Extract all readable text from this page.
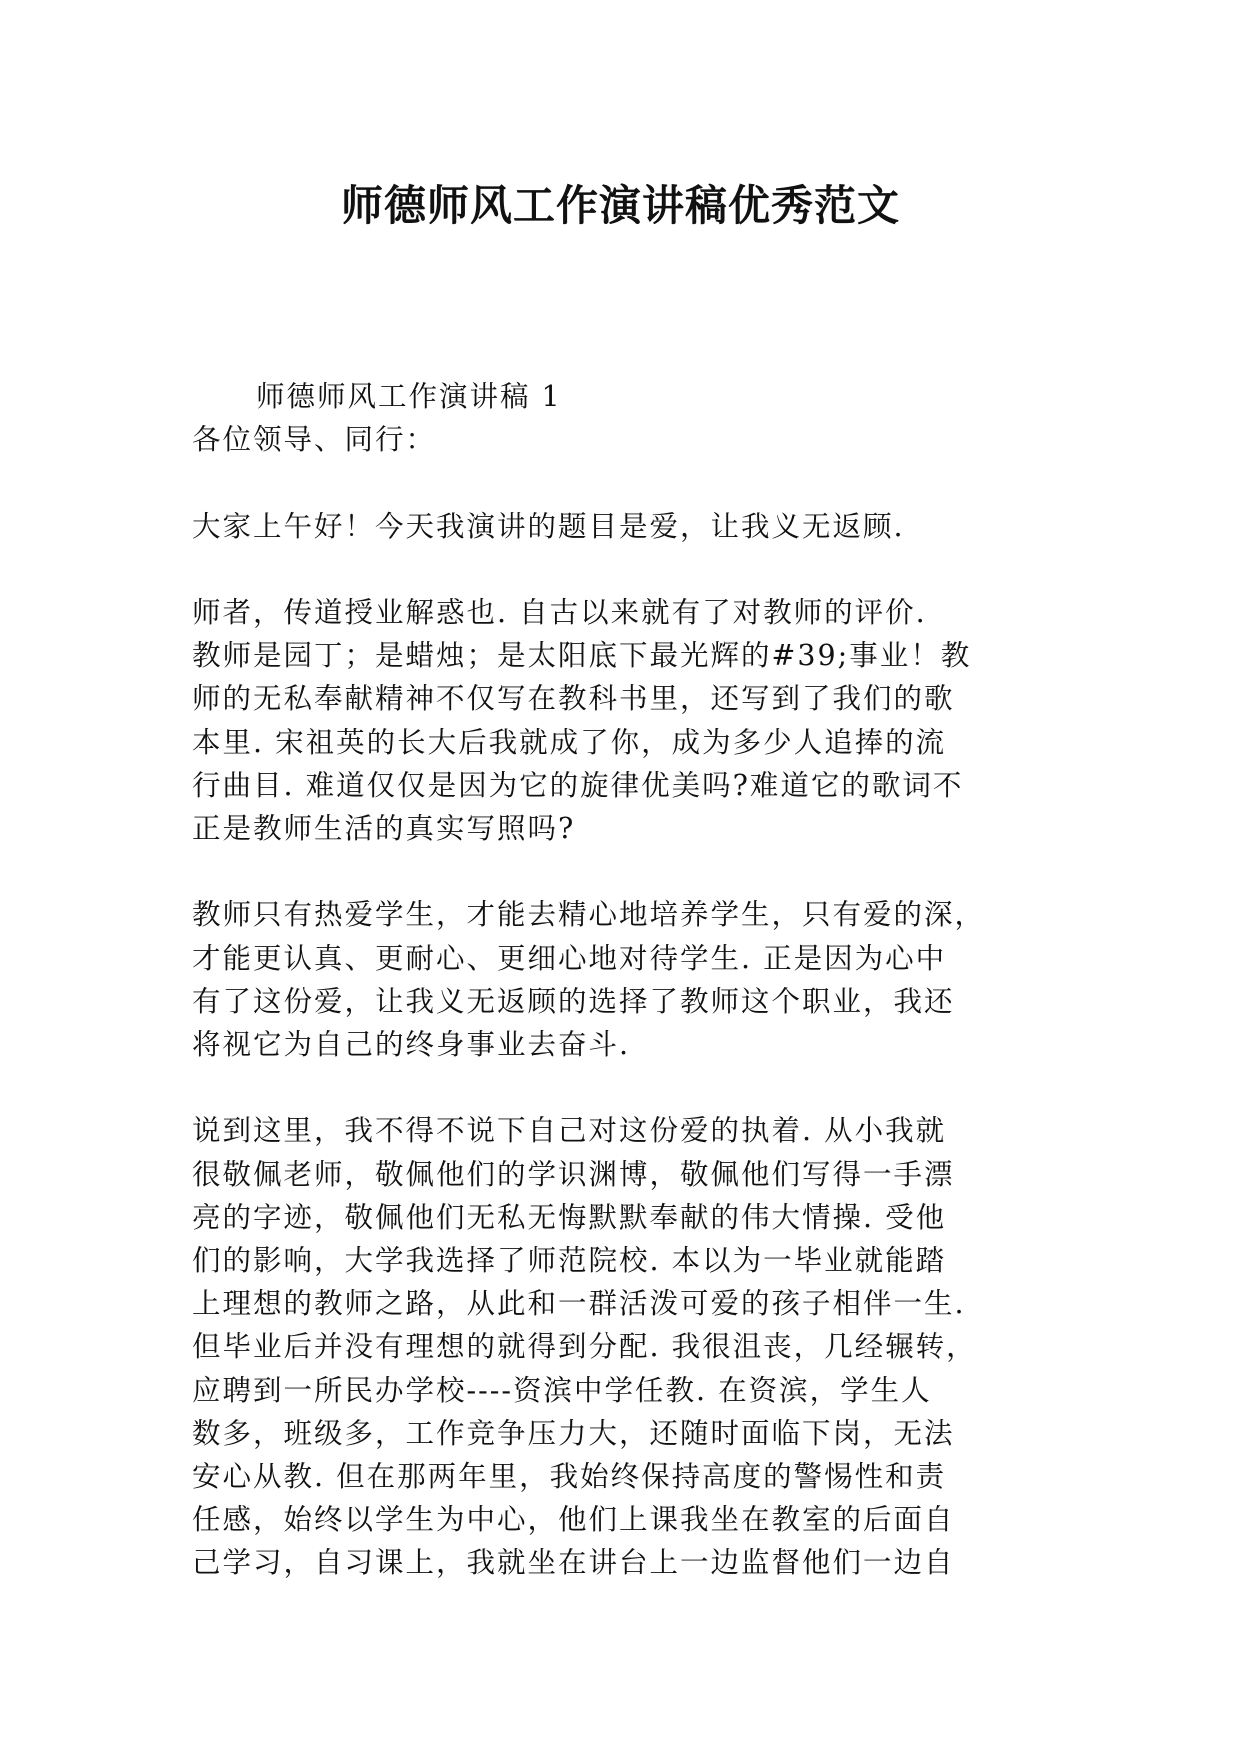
师德师风工作演讲稿优秀范文

师德师风工作演讲稿 1

各位领导、同行：

大家上午好！今天我演讲的题目是爱，让我义无返顾.

师者，传道授业解惑也. 自古以来就有了对教师的评价.

教师是园丁；是蜡烛；是太阳底下最光辉的#39;事业！教

师的无私奉献精神不仅写在教科书里，还写到了我们的歌

本里. 宋祖英的长大后我就成了你，成为多少人追捧的流

行曲目. 难道仅仅是因为它的旋律优美吗?难道它的歌词不

正是教师生活的真实写照吗?

教师只有热爱学生，才能去精心地培养学生，只有爱的深，

才能更认真、更耐心、更细心地对待学生. 正是因为心中

有了这份爱，让我义无返顾的选择了教师这个职业，我还

将视它为自己的终身事业去奋斗.

说到这里，我不得不说下自己对这份爱的执着. 从小我就

很敬佩老师，敬佩他们的学识渊博，敬佩他们写得一手漂

亮的字迹，敬佩他们无私无悔默默奉献的伟大情操. 受他

们的影响，大学我选择了师范院校. 本以为一毕业就能踏

上理想的教师之路，从此和一群活泼可爱的孩子相伴一生.

但毕业后并没有理想的就得到分配. 我很沮丧，几经辗转，

应聘到一所民办学校----资滨中学任教. 在资滨，学生人

数多，班级多，工作竞争压力大，还随时面临下岗，无法

安心从教. 但在那两年里，我始终保持高度的警惕性和责

任感，始终以学生为中心，他们上课我坐在教室的后面自

己学习，自习课上，我就坐在讲台上一边监督他们一边自
